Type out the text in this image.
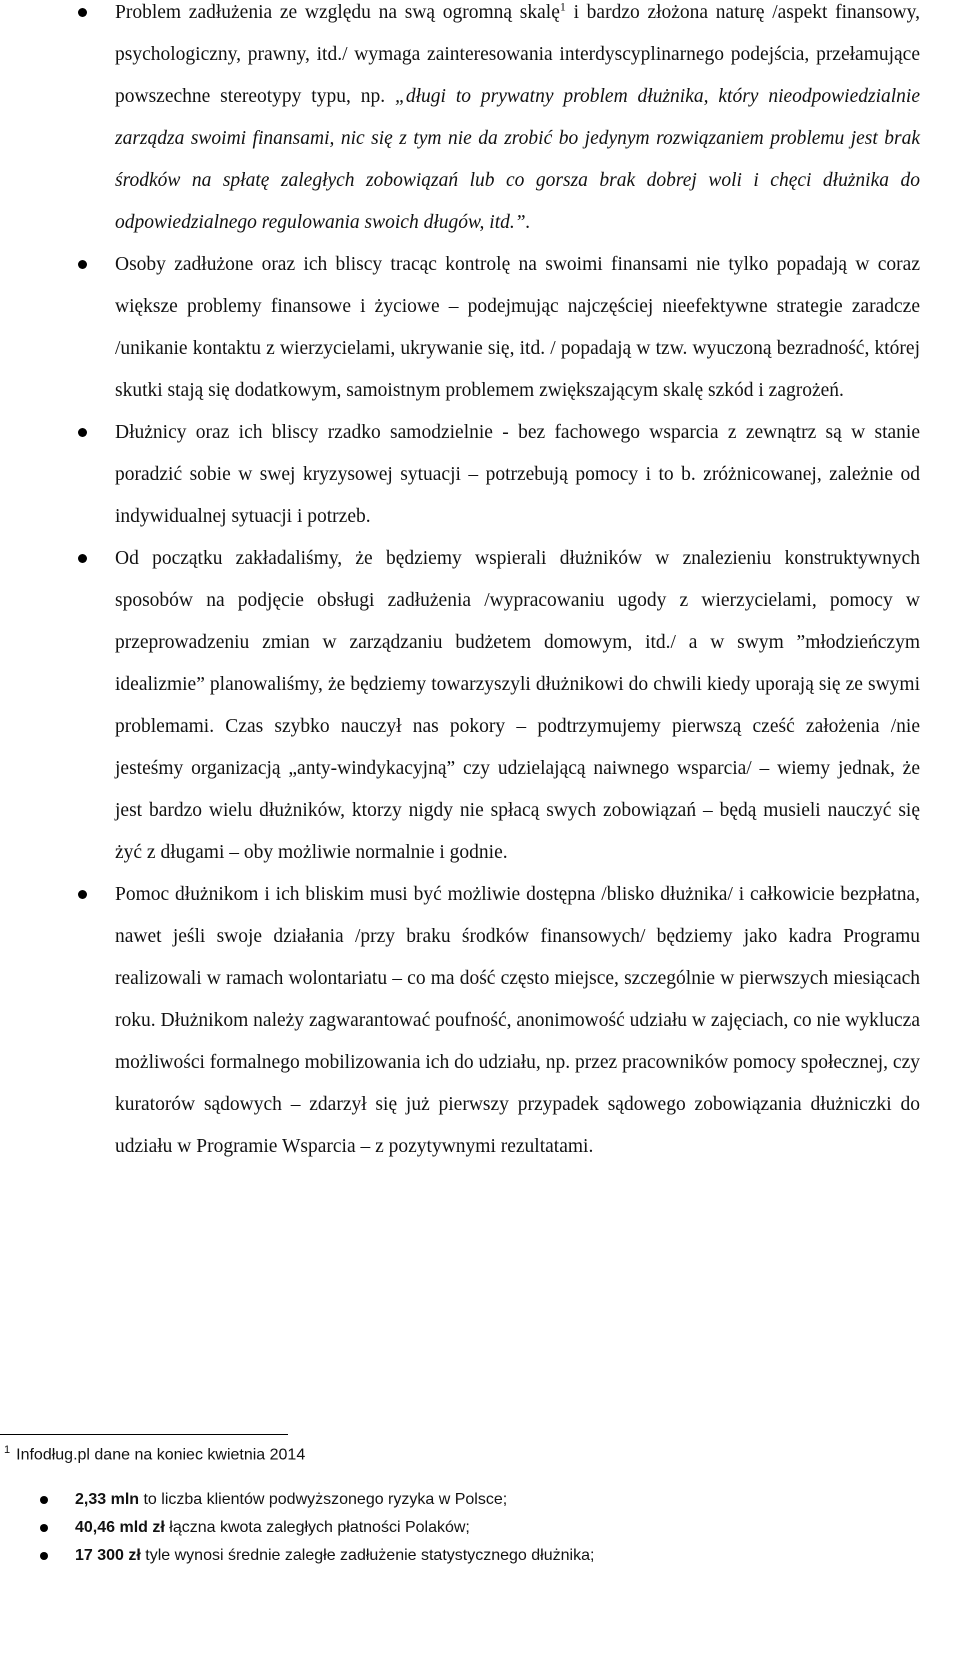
Problem zadłużenia ze względu na swą ogromną skalę$^1$ i bardzo złożona naturę /aspekt finansowy, psychologiczny, prawny, itd./ wymaga zainteresowania interdyscyplinarnego podejścia, przełamujące powszechne stereotypy typu, np. „długi to prywatny problem dłużnika, który nieodpowiedzialnie zarządza swoimi finansami, nic się z tym nie da zrobić bo jedynym rozwiązaniem problemu jest brak środków na spłatę zaległych zobowiązań lub co gorsza brak dobrej woli i chęci dłużnika do odpowiedzialnego regulowania swoich długów, itd.”.
Osoby zadłużone oraz ich bliscy tracąc kontrolę na swoimi finansami nie tylko popadają w coraz większe problemy finansowe i życiowe – podejmując najczęściej nieefektywne strategie zaradcze /unikanie kontaktu z wierzycielami, ukrywanie się, itd. / popadają w tzw. wyuczoną bezradność, której skutki stają się dodatkowym, samoistnym problemem zwiększającym skalę szkód i zagrożeń.
Dłużnicy oraz ich bliscy rzadko samodzielnie - bez fachowego wsparcia z zewnątrz są w stanie poradzić sobie w swej kryzysowej sytuacji – potrzebują pomocy i to b. zróżnicowanej, zależnie od indywidualnej sytuacji i potrzeb.
Od początku zakładaliśmy, że będziemy wspierali dłużników w znalezieniu konstruktywnych sposobów na podjęcie obsługi zadłużenia /wypracowaniu ugody z wierzycielami, pomocy w przeprowadzeniu zmian w zarządzaniu budżetem domowym, itd./ a w swym ”młodzieńczym idealizmie” planowaliśmy, że będziemy towarzyszyli dłużnikowi do chwili kiedy uporają się ze swymi problemami. Czas szybko nauczył nas pokory – podtrzymujemy pierwszą cześć założenia /nie jesteśmy organizacją „anty-windykacyjną” czy udzielającą naiwnego wsparcia/ – wiemy jednak, że jest bardzo wielu dłużników, ktorzy nigdy nie spłacą swych zobowiązań – będą musieli nauczyć się żyć z długami – oby możliwie normalnie i godnie.
Pomoc dłużnikom i ich bliskim musi być możliwie dostępna /blisko dłużnika/ i całkowicie bezpłatna, nawet jeśli swoje działania /przy braku środków finansowych/ będziemy jako kadra Programu realizowali w ramach wolontariatu – co ma dość często miejsce, szczególnie w pierwszych miesiącach roku. Dłużnikom należy zagwarantować poufność, anonimowość udziału w zajęciach, co nie wyklucza możliwości formalnego mobilizowania ich do udziału, np. przez pracowników pomocy społecznej, czy kuratorów sądowych – zdarzył się już pierwszy przypadek sądowego zobowiązania dłużniczki do udziału w Programie Wsparcia – z pozytywnymi rezultatami.
$^1$ Infodług.pl dane na koniec kwietnia 2014
2,33 mln to liczba klientów podwyższonego ryzyka w Polsce;
40,46 mld zł łączna kwota zaległych płatności Polaków;
17 300 zł tyle wynosi średnie zaległe zadłużenie statystycznego dłużnika;
